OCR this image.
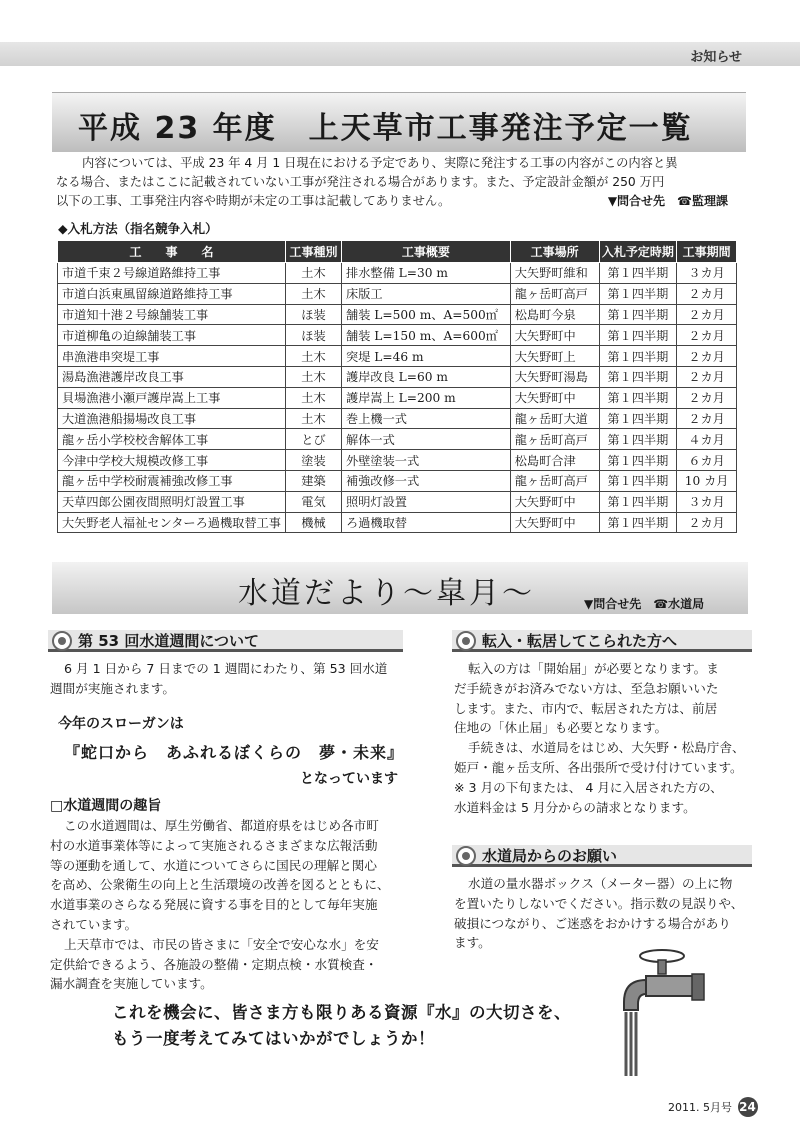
お知らせ
平成 23 年度　上天草市工事発注予定一覧
内容については、平成 23 年 4 月 1 日現在における予定であり、実際に発注する工事の内容がこの内容と異
なる場合、またはここに記載されていない工事が発注される場合があります。また、予定設計金額が 250 万円
以下の工事、工事発注内容や時期が未定の工事は記載してありません。	▼問合せ先　☎監理課
◆入札方法（指名競争入札）
工　　事　　名	工事種別	工事概要	工事場所	入札予定時期	工事期間
市道千束２号線道路維持工事	土木	排水整備 L=30 m	大矢野町維和	第１四半期	３カ月
市道白浜東風留線道路維持工事	土木	床版工	龍ヶ岳町高戸	第１四半期	２カ月
市道知十港２号線舗装工事	ほ装	舗装 L=500 m、A=500㎡	松島町今泉	第１四半期	２カ月
市道柳亀の迫線舗装工事	ほ装	舗装 L=150 m、A=600㎡	大矢野町中	第１四半期	２カ月
串漁港串突堤工事	土木	突堤 L=46 m	大矢野町上	第１四半期	２カ月
湯島漁港護岸改良工事	土木	護岸改良 L=60 m	大矢野町湯島	第１四半期	２カ月
貝場漁港小瀬戸護岸嵩上工事	土木	護岸嵩上 L=200 m	大矢野町中	第１四半期	２カ月
大道漁港船揚場改良工事	土木	巻上機一式	龍ヶ岳町大道	第１四半期	２カ月
龍ヶ岳小学校校舎解体工事	とび	解体一式	龍ヶ岳町高戸	第１四半期	４カ月
今津中学校大規模改修工事	塗装	外壁塗装一式	松島町合津	第１四半期	６カ月
龍ヶ岳中学校耐震補強改修工事	建築	補強改修一式	龍ヶ岳町高戸	第１四半期	10 カ月
天草四郎公園夜間照明灯設置工事	電気	照明灯設置	大矢野町中	第１四半期	３カ月
大矢野老人福祉センターろ過機取替工事	機械	ろ過機取替	大矢野町中	第１四半期	２カ月
水道だより～皐月～	▼問合せ先　☎水道局
第 53 回水道週間について
6 月 1 日から 7 日までの 1 週間にわたり、第 53 回水道
週間が実施されます。
今年のスローガンは
『蛇口から　あふれるぼくらの　夢・未来』
となっています
□水道週間の趣旨
この水道週間は、厚生労働省、都道府県をはじめ各市町
村の水道事業体等によって実施されるさまざまな広報活動
等の運動を通して、水道についてさらに国民の理解と関心
を高め、公衆衛生の向上と生活環境の改善を図るとともに、
水道事業のさらなる発展に資する事を目的として毎年実施
されています。
上天草市では、市民の皆さまに「安全で安心な水」を安
定供給できるよう、各施設の整備・定期点検・水質検査・
漏水調査を実施しています。
転入・転居してこられた方へ
転入の方は「開始届」が必要となります。ま
だ手続きがお済みでない方は、至急お願いいた
します。また、市内で、転居された方は、前居
住地の「休止届」も必要となります。
手続きは、水道局をはじめ、大矢野・松島庁舎、
姫戸・龍ヶ岳支所、各出張所で受け付けています。
※ 3 月の下旬または、 4 月に入居された方の、
水道料金は 5 月分からの請求となります。
水道局からのお願い
水道の量水器ボックス（メーター器）の上に物
を置いたりしないでください。指示数の見誤りや、
破損につながり、ご迷惑をおかけする場合があり
ます。
これを機会に、皆さま方も限りある資源『水』の大切さを、
もう一度考えてみてはいかがでしょうか！
2011. 5月号 24
